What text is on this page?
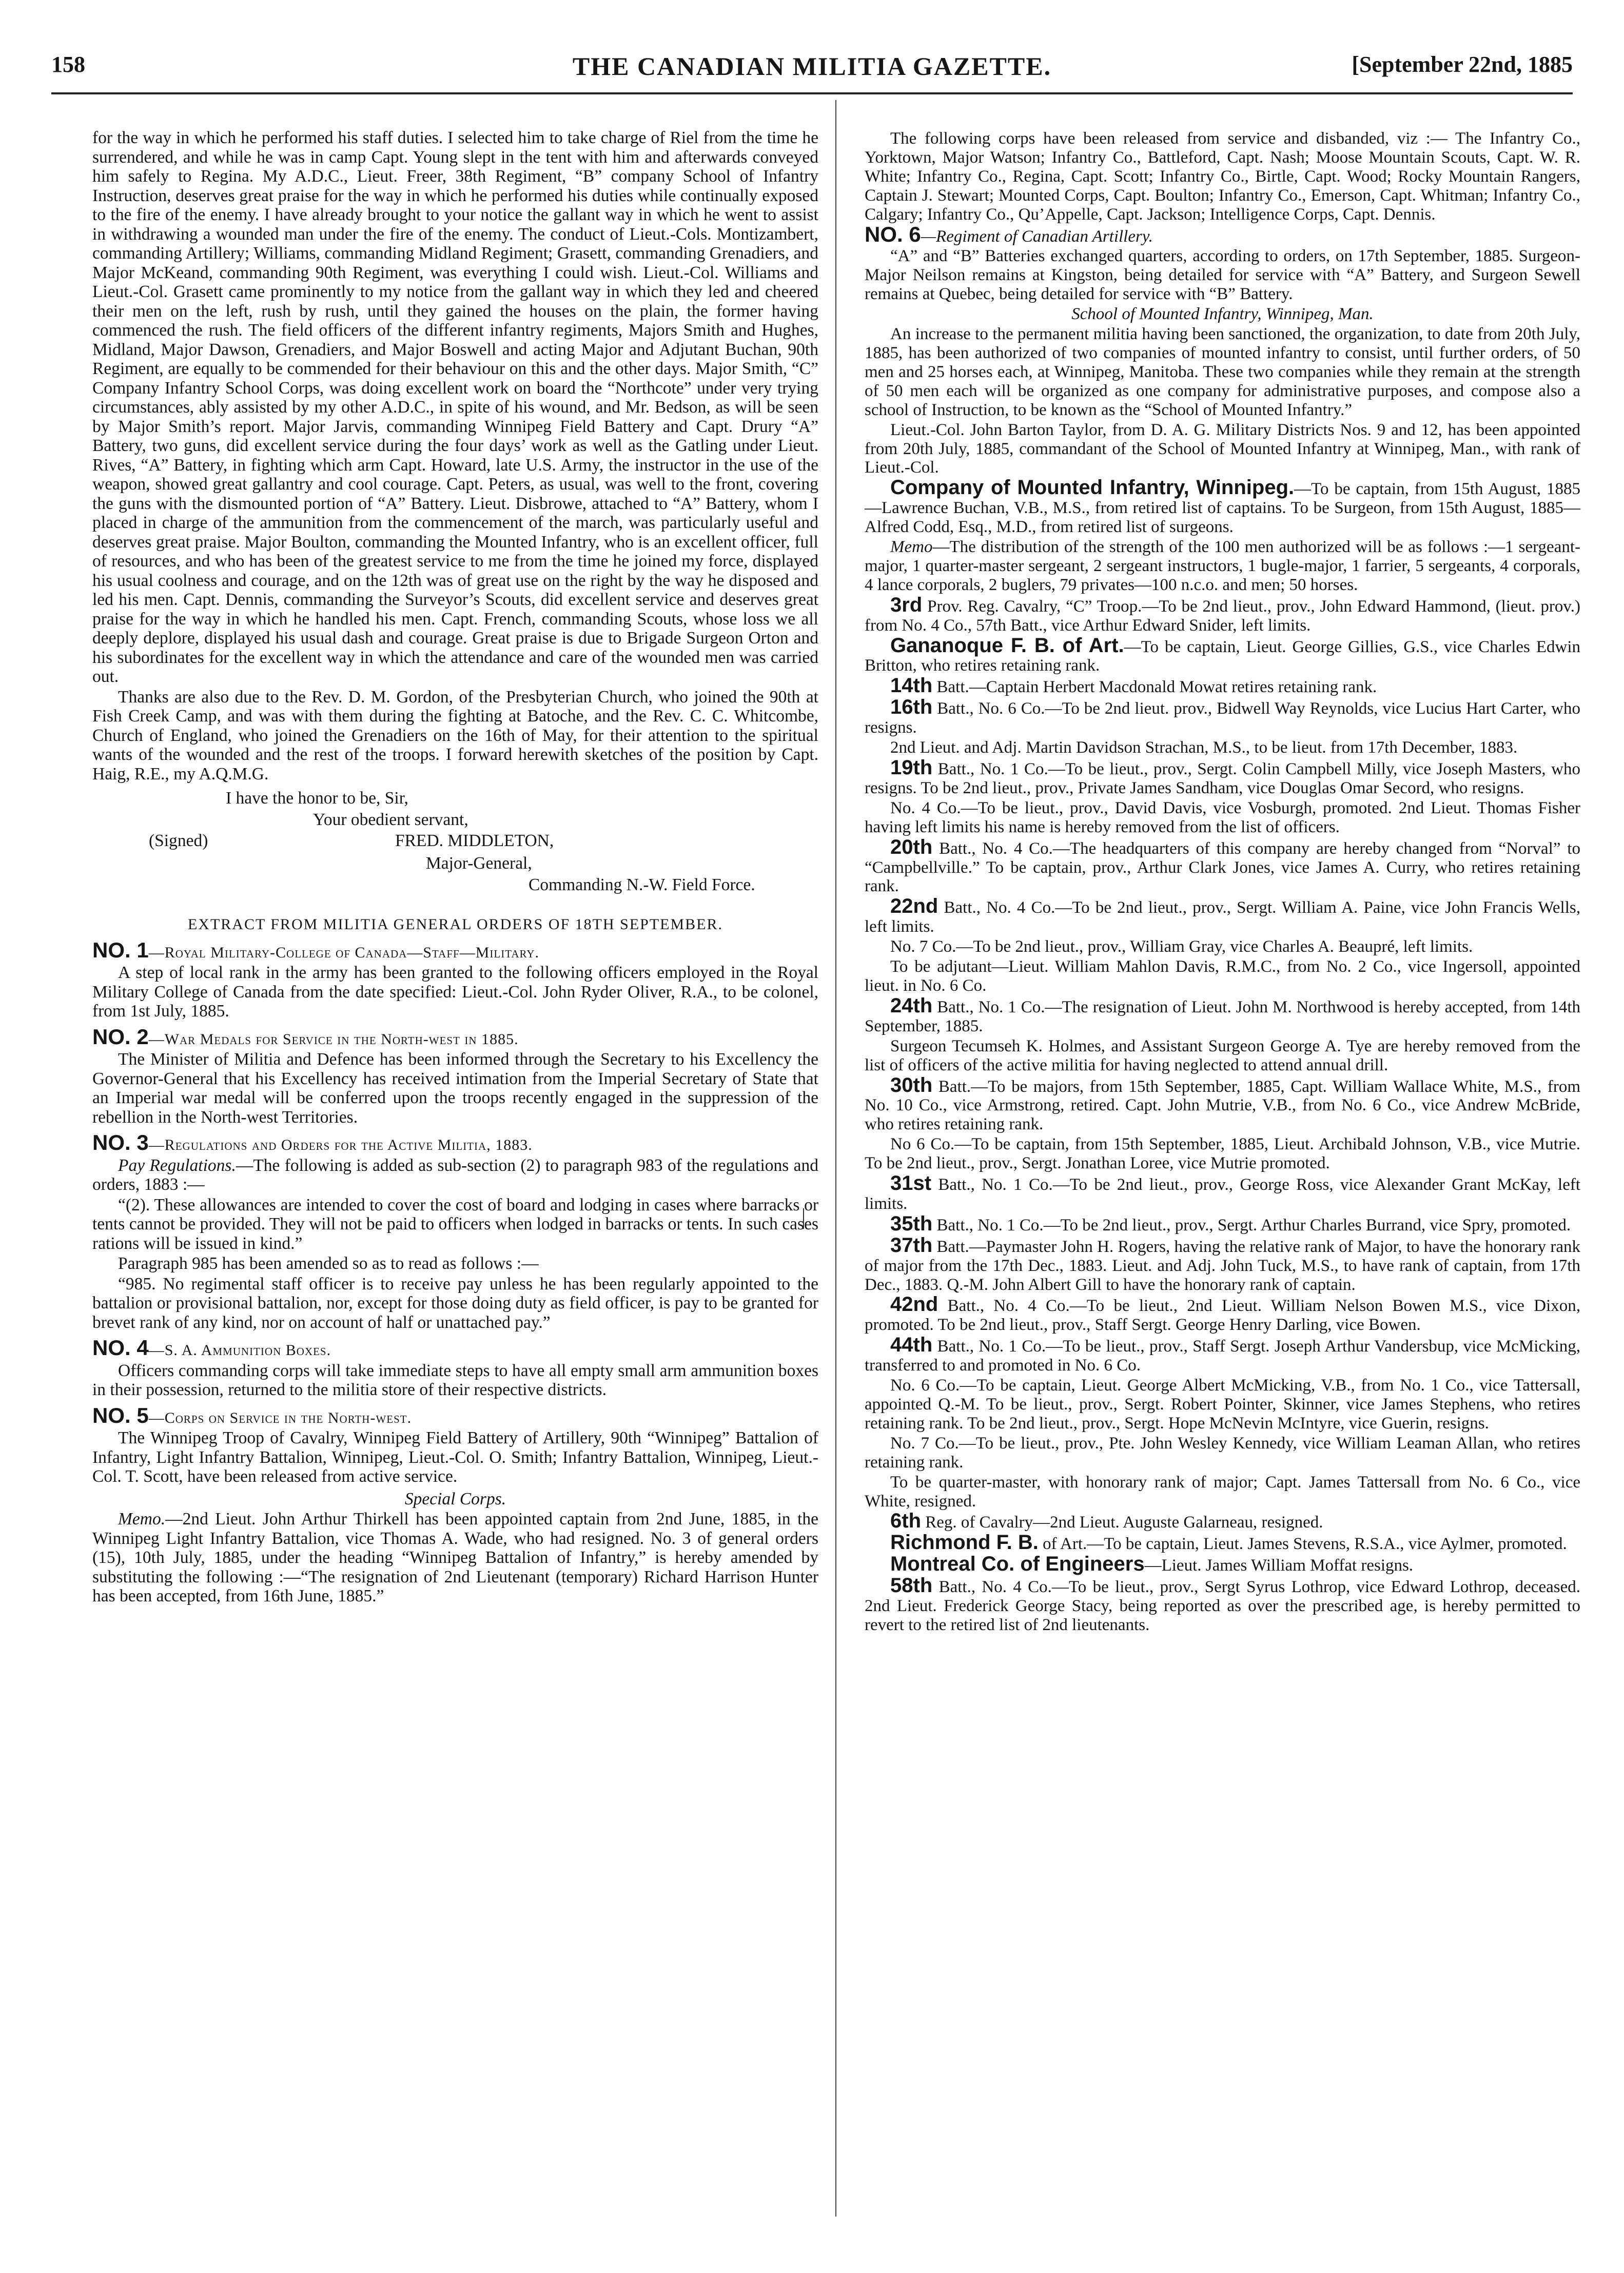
158	THE CANADIAN MILITIA GAZETTE.	[September 22nd, 1885

for the way in which he performed his staff duties. I selected him to take charge of Riel from the time he surrendered, and while he was in camp Capt. Young slept in the tent with him and afterwards conveyed him safely to Regina. My A.D.C., Lieut. Freer, 38th Regiment, “B” company School of Infantry Instruction, deserves great praise for the way in which he performed his duties while continually exposed to the fire of the enemy. I have already brought to your notice the gallant way in which he went to assist in withdrawing a wounded man under the fire of the enemy. The conduct of Lieut.-Cols. Montizambert, commanding Artillery; Williams, commanding Midland Regiment; Grasett, commanding Grenadiers, and Major McKeand, commanding 90th Regiment, was everything I could wish. Lieut.-Col. Williams and Lieut.-Col. Grasett came prominently to my notice from the gallant way in which they led and cheered their men on the left, rush by rush, until they gained the houses on the plain, the former having commenced the rush. The field officers of the different infantry regiments, Majors Smith and Hughes, Midland, Major Dawson, Grenadiers, and Major Boswell and acting Major and Adjutant Buchan, 90th Regiment, are equally to be commended for their behaviour on this and the other days. Major Smith, “C” Company Infantry School Corps, was doing excellent work on board the “Northcote” under very trying circumstances, ably assisted by my other A.D.C., in spite of his wound, and Mr. Bedson, as will be seen by Major Smith’s report. Major Jarvis, commanding Winnipeg Field Battery and Capt. Drury “A” Battery, two guns, did excellent service during the four days’ work as well as the Gatling under Lieut. Rives, “A” Battery, in fighting which arm Capt. Howard, late U.S. Army, the instructor in the use of the weapon, showed great gallantry and cool courage. Capt. Peters, as usual, was well to the front, covering the guns with the dismounted portion of “A” Battery. Lieut. Disbrowe, attached to “A” Battery, whom I placed in charge of the ammunition from the commencement of the march, was particularly useful and deserves great praise. Major Boulton, commanding the Mounted Infantry, who is an excellent officer, full of resources, and who has been of the greatest service to me from the time he joined my force, displayed his usual coolness and courage, and on the 12th was of great use on the right by the way he disposed and led his men. Capt. Dennis, commanding the Surveyor’s Scouts, did excellent service and deserves great praise for the way in which he handled his men. Capt. French, commanding Scouts, whose loss we all deeply deplore, displayed his usual dash and courage. Great praise is due to Brigade Surgeon Orton and his subordinates for the excellent way in which the attendance and care of the wounded men was carried out.

Thanks are also due to the Rev. D. M. Gordon, of the Presbyterian Church, who joined the 90th at Fish Creek Camp, and was with them during the fighting at Batoche, and the Rev. C. C. Whitcombe, Church of England, who joined the Grenadiers on the 16th of May, for their attention to the spiritual wants of the wounded and the rest of the troops. I forward herewith sketches of the position by Capt. Haig, R.E., my A.Q.M.G.

I have the honor to be, Sir,
Your obedient servant,
(Signed)	FRED. MIDDLETON,
Major-General,
Commanding N.-W. Field Force.
EXTRACT FROM MILITIA GENERAL ORDERS OF 18TH SEPTEMBER.

NO. 1—Royal Military-College of Canada—Staff—Military.

A step of local rank in the army has been granted to the following officers employed in the Royal Military College of Canada from the date specified: Lieut.-Col. John Ryder Oliver, R.A., to be colonel, from 1st July, 1885.

NO. 2—War Medals for Service in the North-west in 1885.

The Minister of Militia and Defence has been informed through the Secretary to his Excellency the Governor-General that his Excellency has received intimation from the Imperial Secretary of State that an Imperial war medal will be conferred upon the troops recently engaged in the suppression of the rebellion in the North-west Territories.

NO. 3—Regulations and Orders for the Active Militia, 1883.

Pay Regulations.—The following is added as sub-section (2) to paragraph 983 of the regulations and orders, 1883 :—

“(2). These allowances are intended to cover the cost of board and lodging in cases where barracks or tents cannot be provided. They will not be paid to officers when lodged in barracks or tents. In such cases rations will be issued in kind.”

Paragraph 985 has been amended so as to read as follows :—

“985. No regimental staff officer is to receive pay unless he has been regularly appointed to the battalion or provisional battalion, nor, except for those doing duty as field officer, is pay to be granted for brevet rank of any kind, nor on account of half or unattached pay.”

NO. 4—S. A. Ammunition Boxes.

Officers commanding corps will take immediate steps to have all empty small arm ammunition boxes in their possession, returned to the militia store of their respective districts.

NO. 5—Corps on Service in the North-west.

The Winnipeg Troop of Cavalry, Winnipeg Field Battery of Artillery, 90th “Winnipeg” Battalion of Infantry, Light Infantry Battalion, Winnipeg, Lieut.-Col. O. Smith; Infantry Battalion, Winnipeg, Lieut.-Col. T. Scott, have been released from active service.

Special Corps.

Memo.—2nd Lieut. John Arthur Thirkell has been appointed captain from 2nd June, 1885, in the Winnipeg Light Infantry Battalion, vice Thomas A. Wade, who had resigned. No. 3 of general orders (15), 10th July, 1885, under the heading “Winnipeg Battalion of Infantry,” is hereby amended by substituting the following :—“The resignation of 2nd Lieutenant (temporary) Richard Harrison Hunter has been accepted, from 16th June, 1885.”

The following corps have been released from service and disbanded, viz :— The Infantry Co., Yorktown, Major Watson; Infantry Co., Battleford, Capt. Nash; Moose Mountain Scouts, Capt. W. R. White; Infantry Co., Regina, Capt. Scott; Infantry Co., Birtle, Capt. Wood; Rocky Mountain Rangers, Captain J. Stewart; Mounted Corps, Capt. Boulton; Infantry Co., Emerson, Capt. Whitman; Infantry Co., Calgary; Infantry Co., Qu’Appelle, Capt. Jackson; Intelligence Corps, Capt. Dennis.

NO. 6—Regiment of Canadian Artillery.

“A” and “B” Batteries exchanged quarters, according to orders, on 17th September, 1885. Surgeon-Major Neilson remains at Kingston, being detailed for service with “A” Battery, and Surgeon Sewell remains at Quebec, being detailed for service with “B” Battery.

School of Mounted Infantry, Winnipeg, Man.

An increase to the permanent militia having been sanctioned, the organization, to date from 20th July, 1885, has been authorized of two companies of mounted infantry to consist, until further orders, of 50 men and 25 horses each, at Winnipeg, Manitoba. These two companies while they remain at the strength of 50 men each will be organized as one company for administrative purposes, and compose also a school of Instruction, to be known as the “School of Mounted Infantry.”

Lieut.-Col. John Barton Taylor, from D. A. G. Military Districts Nos. 9 and 12, has been appointed from 20th July, 1885, commandant of the School of Mounted Infantry at Winnipeg, Man., with rank of Lieut.-Col.

Company of Mounted Infantry, Winnipeg.—To be captain, from 15th August, 1885—Lawrence Buchan, V.B., M.S., from retired list of captains. To be Surgeon, from 15th August, 1885—Alfred Codd, Esq., M.D., from retired list of surgeons.

Memo—The distribution of the strength of the 100 men authorized will be as follows :—1 sergeant-major, 1 quarter-master sergeant, 2 sergeant instructors, 1 bugle-major, 1 farrier, 5 sergeants, 4 corporals, 4 lance corporals, 2 buglers, 79 privates—100 n.c.o. and men; 50 horses.

3rd Prov. Reg. Cavalry, “C” Troop.—To be 2nd lieut., prov., John Edward Hammond, (lieut. prov.) from No. 4 Co., 57th Batt., vice Arthur Edward Snider, left limits.

Gananoque F. B. of Art.—To be captain, Lieut. George Gillies, G.S., vice Charles Edwin Britton, who retires retaining rank.

14th Batt.—Captain Herbert Macdonald Mowat retires retaining rank.

16th Batt., No. 6 Co.—To be 2nd lieut. prov., Bidwell Way Reynolds, vice Lucius Hart Carter, who resigns.

2nd Lieut. and Adj. Martin Davidson Strachan, M.S., to be lieut. from 17th December, 1883.

19th Batt., No. 1 Co.—To be lieut., prov., Sergt. Colin Campbell Milly, vice Joseph Masters, who resigns. To be 2nd lieut., prov., Private James Sandham, vice Douglas Omar Secord, who resigns.

No. 4 Co.—To be lieut., prov., David Davis, vice Vosburgh, promoted. 2nd Lieut. Thomas Fisher having left limits his name is hereby removed from the list of officers.

20th Batt., No. 4 Co.—The headquarters of this company are hereby changed from “Norval” to “Campbellville.” To be captain, prov., Arthur Clark Jones, vice James A. Curry, who retires retaining rank.

22nd Batt., No. 4 Co.—To be 2nd lieut., prov., Sergt. William A. Paine, vice John Francis Wells, left limits.

No. 7 Co.—To be 2nd lieut., prov., William Gray, vice Charles A. Beaupré, left limits.

To be adjutant—Lieut. William Mahlon Davis, R.M.C., from No. 2 Co., vice Ingersoll, appointed lieut. in No. 6 Co.

24th Batt., No. 1 Co.—The resignation of Lieut. John M. Northwood is hereby accepted, from 14th September, 1885.

Surgeon Tecumseh K. Holmes, and Assistant Surgeon George A. Tye are hereby removed from the list of officers of the active militia for having neglected to attend annual drill.

30th Batt.—To be majors, from 15th September, 1885, Capt. William Wallace White, M.S., from No. 10 Co., vice Armstrong, retired. Capt. John Mutrie, V.B., from No. 6 Co., vice Andrew McBride, who retires retaining rank.

No 6 Co.—To be captain, from 15th September, 1885, Lieut. Archibald Johnson, V.B., vice Mutrie. To be 2nd lieut., prov., Sergt. Jonathan Loree, vice Mutrie promoted.

31st Batt., No. 1 Co.—To be 2nd lieut., prov., George Ross, vice Alexander Grant McKay, left limits.

35th Batt., No. 1 Co.—To be 2nd lieut., prov., Sergt. Arthur Charles Burrand, vice Spry, promoted.

37th Batt.—Paymaster John H. Rogers, having the relative rank of Major, to have the honorary rank of major from the 17th Dec., 1883. Lieut. and Adj. John Tuck, M.S., to have rank of captain, from 17th Dec., 1883. Q.-M. John Albert Gill to have the honorary rank of captain.

42nd Batt., No. 4 Co.—To be lieut., 2nd Lieut. William Nelson Bowen M.S., vice Dixon, promoted. To be 2nd lieut., prov., Staff Sergt. George Henry Darling, vice Bowen.

44th Batt., No. 1 Co.—To be lieut., prov., Staff Sergt. Joseph Arthur Vandersbup, vice McMicking, transferred to and promoted in No. 6 Co.

No. 6 Co.—To be captain, Lieut. George Albert McMicking, V.B., from No. 1 Co., vice Tattersall, appointed Q.-M. To be lieut., prov., Sergt. Robert Pointer, Skinner, vice James Stephens, who retires retaining rank. To be 2nd lieut., prov., Sergt. Hope McNevin McIntyre, vice Guerin, resigns.

No. 7 Co.—To be lieut., prov., Pte. John Wesley Kennedy, vice William Leaman Allan, who retires retaining rank.

To be quarter-master, with honorary rank of major; Capt. James Tattersall from No. 6 Co., vice White, resigned.

6th Reg. of Cavalry—2nd Lieut. Auguste Galarneau, resigned.

Richmond F. B. of Art.—To be captain, Lieut. James Stevens, R.S.A., vice Aylmer, promoted.

Montreal Co. of Engineers—Lieut. James William Moffat resigns.

58th Batt., No. 4 Co.—To be lieut., prov., Sergt Syrus Lothrop, vice Edward Lothrop, deceased. 2nd Lieut. Frederick George Stacy, being reported as over the prescribed age, is hereby permitted to revert to the retired list of 2nd lieutenants.
